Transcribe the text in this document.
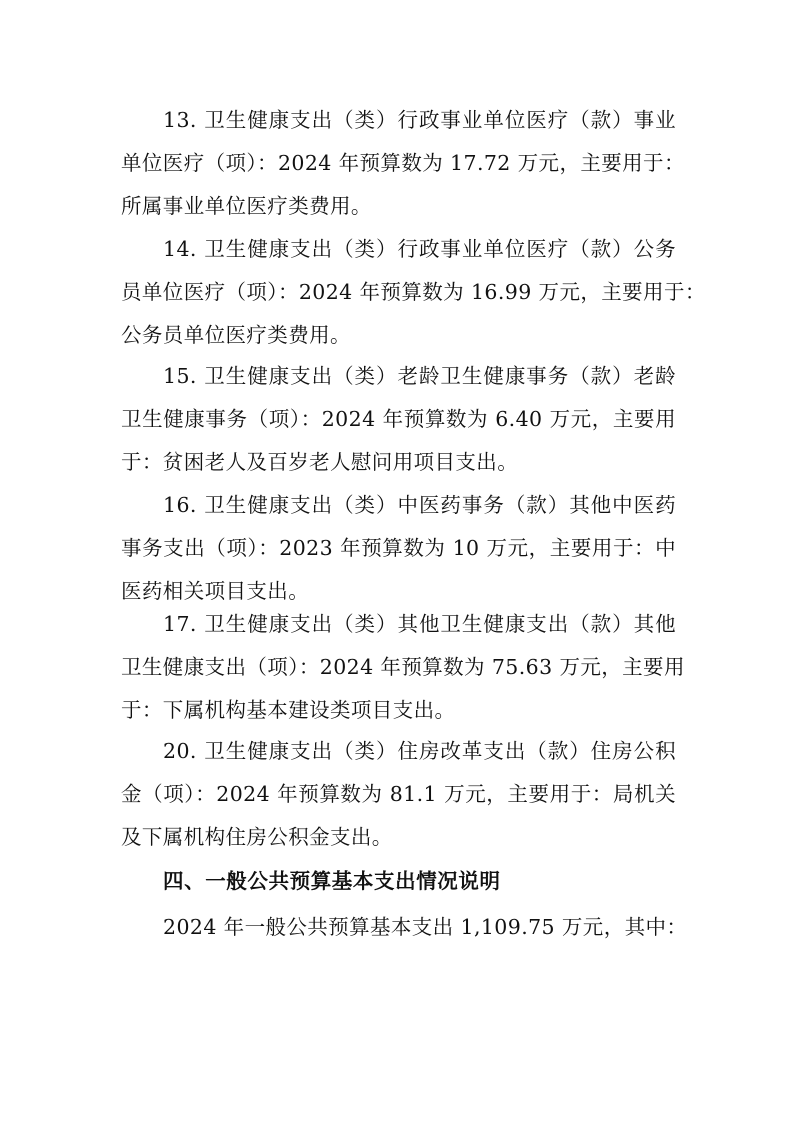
13. 卫生健康支出（类）行政事业单位医疗（款）事业
单位医疗（项）：2024 年预算数为 17.72 万元，主要用于：
所属事业单位医疗类费用。
14. 卫生健康支出（类）行政事业单位医疗（款）公务
员单位医疗（项）：2024 年预算数为 16.99 万元，主要用于：
公务员单位医疗类费用。
15. 卫生健康支出（类）老龄卫生健康事务（款）老龄
卫生健康事务（项）：2024 年预算数为 6.40 万元，主要用
于：贫困老人及百岁老人慰问用项目支出。
16. 卫生健康支出（类）中医药事务（款）其他中医药
事务支出（项）：2023 年预算数为 10 万元，主要用于：中
医药相关项目支出。
17. 卫生健康支出（类）其他卫生健康支出（款）其他
卫生健康支出（项）：2024 年预算数为 75.63 万元，主要用
于：下属机构基本建设类项目支出。
20. 卫生健康支出（类）住房改革支出（款）住房公积
金（项）：2024 年预算数为 81.1 万元，主要用于：局机关
及下属机构住房公积金支出。
四、一般公共预算基本支出情况说明
2024 年一般公共预算基本支出 1,109.75 万元，其中：
